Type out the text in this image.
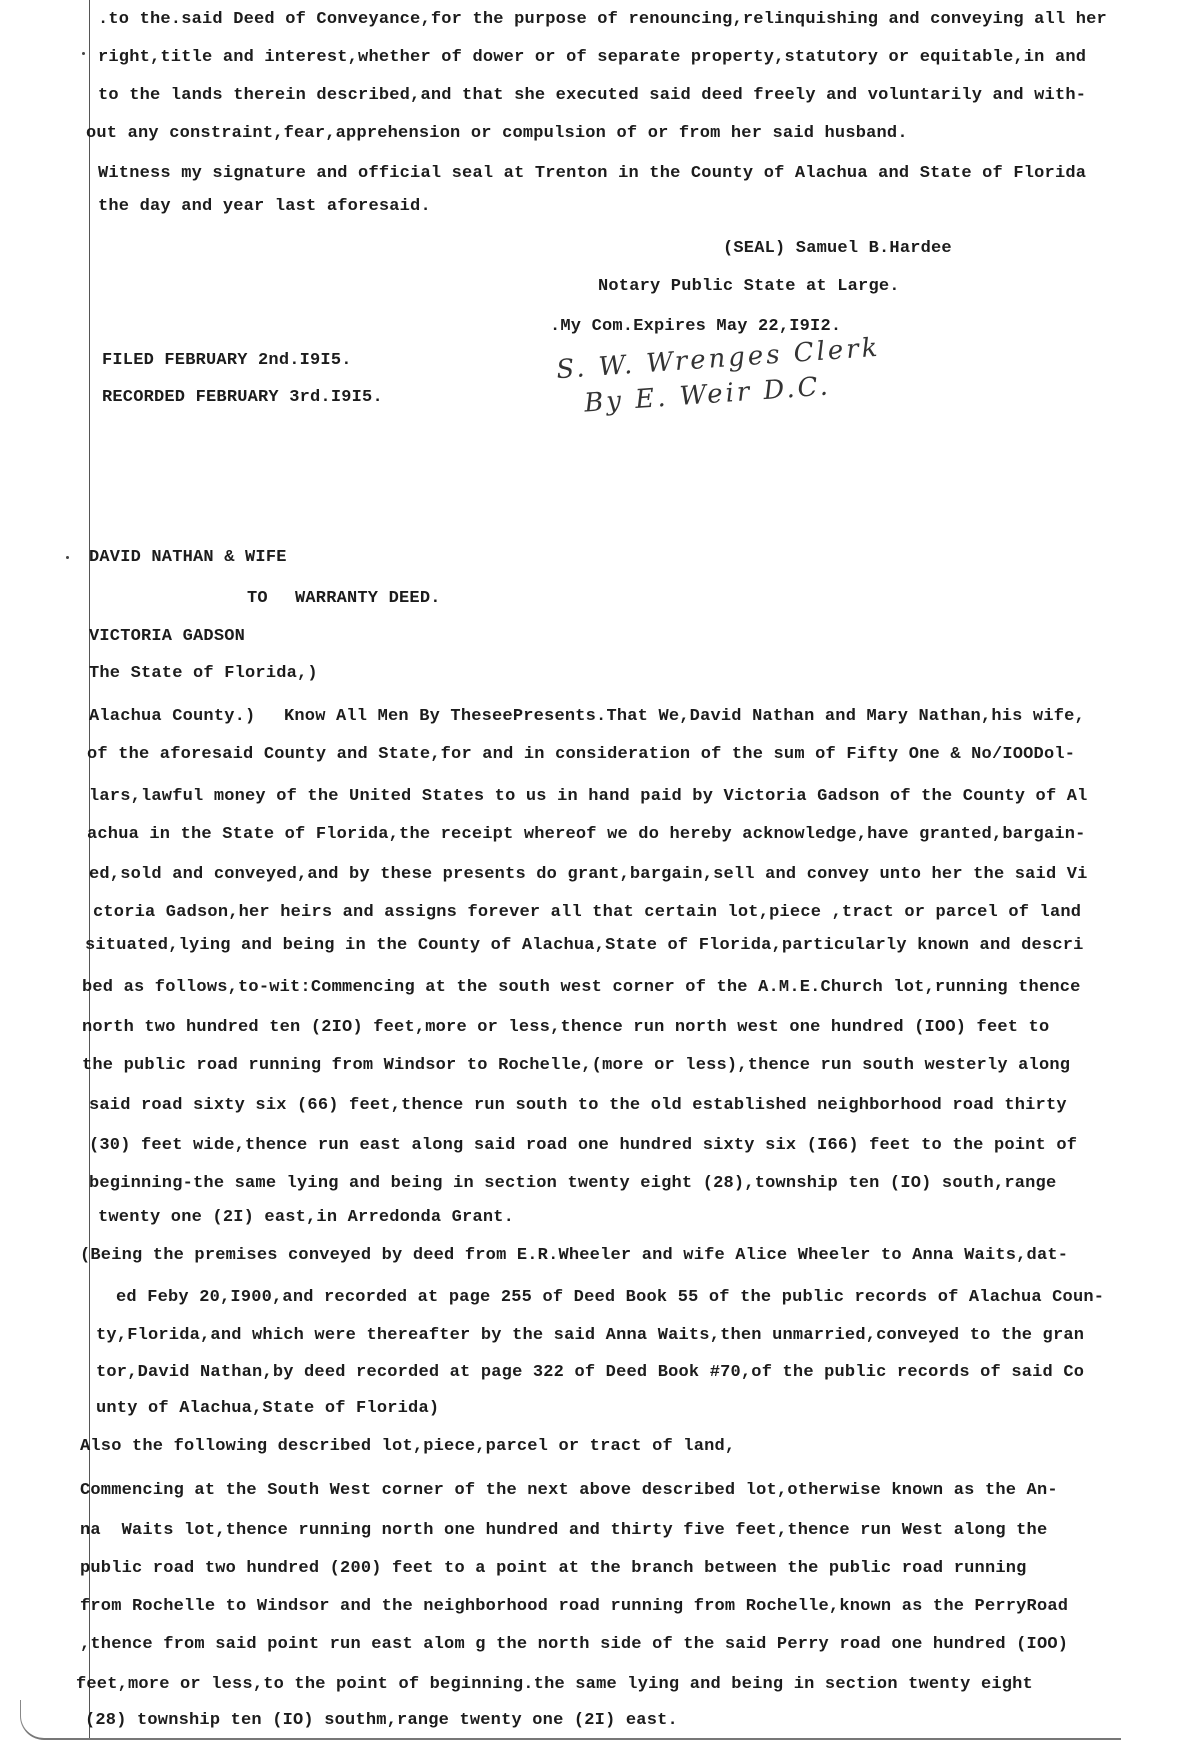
.to the.said Deed of Conveyance,for the purpose of renouncing,relinquishing and conveying all her
right,title and interest,whether of dower or of separate property,statutory or equitable,in and
to the lands therein described,and that she executed said deed freely and voluntarily and with-
out any constraint,fear,apprehension or compulsion of or from her said husband.
Witness my signature and official seal at Trenton in the County of Alachua and State of Florida
the day and year last aforesaid.
(SEAL) Samuel B.Hardee
Notary Public State at Large.
.My Com.Expires May 22,I9I2.
FILED FEBRUARY 2nd.I9I5.
RECORDED FEBRUARY 3rd.I9I5.
S. W. Wrenges Clerk
By E. Weir D.C.
DAVID NATHAN & WIFE
TO WARRANTY DEED.
VICTORIA GADSON
The State of Florida,)
Alachua County.) Know All Men By TheseePresents.That We,David Nathan and Mary Nathan,his wife,
of the aforesaid County and State,for and in consideration of the sum of Fifty One & No/IOODol-
lars,lawful money of the United States to us in hand paid by Victoria Gadson of the County of Al
achua in the State of Florida,the receipt whereof we do hereby acknowledge,have granted,bargain-
ed,sold and conveyed,and by these presents do grant,bargain,sell and convey unto her the said Vi
ctoria Gadson,her heirs and assigns forever all that certain lot,piece ,tract or parcel of land
situated,lying and being in the County of Alachua,State of Florida,particularly known and descri
bed as follows,to-wit:Commencing at the south west corner of the A.M.E.Church lot,running thence
north two hundred ten (2IO) feet,more or less,thence run north west one hundred (IOO) feet to
the public road running from Windsor to Rochelle,(more or less),thence run south westerly along
said road sixty six (66) feet,thence run south to the old established neighborhood road thirty
(30) feet wide,thence run east along said road one hundred sixty six (I66) feet to the point of
beginning-the same lying and being in section twenty eight (28),township ten (IO) south,range
twenty one (2I) east,in Arredonda Grant.
(Being the premises conveyed by deed from E.R.Wheeler and wife Alice Wheeler to Anna Waits,dat-
ed Feby 20,I900,and recorded at page 255 of Deed Book 55 of the public records of Alachua Coun-
ty,Florida,and which were thereafter by the said Anna Waits,then unmarried,conveyed to the gran
tor,David Nathan,by deed recorded at page 322 of Deed Book #70,of the public records of said Co
unty of Alachua,State of Florida)
Also the following described lot,piece,parcel or tract of land,
Commencing at the South West corner of the next above described lot,otherwise known as the An-
na  Waits lot,thence running north one hundred and thirty five feet,thence run West along the
public road two hundred (200) feet to a point at the branch between the public road running
from Rochelle to Windsor and the neighborhood road running from Rochelle,known as the PerryRoad
,thence from said point run east alom g the north side of the said Perry road one hundred (IOO)
feet,more or less,to the point of beginning.the same lying and being in section twenty eight
(28) township ten (IO) southm,range twenty one (2I) east.
